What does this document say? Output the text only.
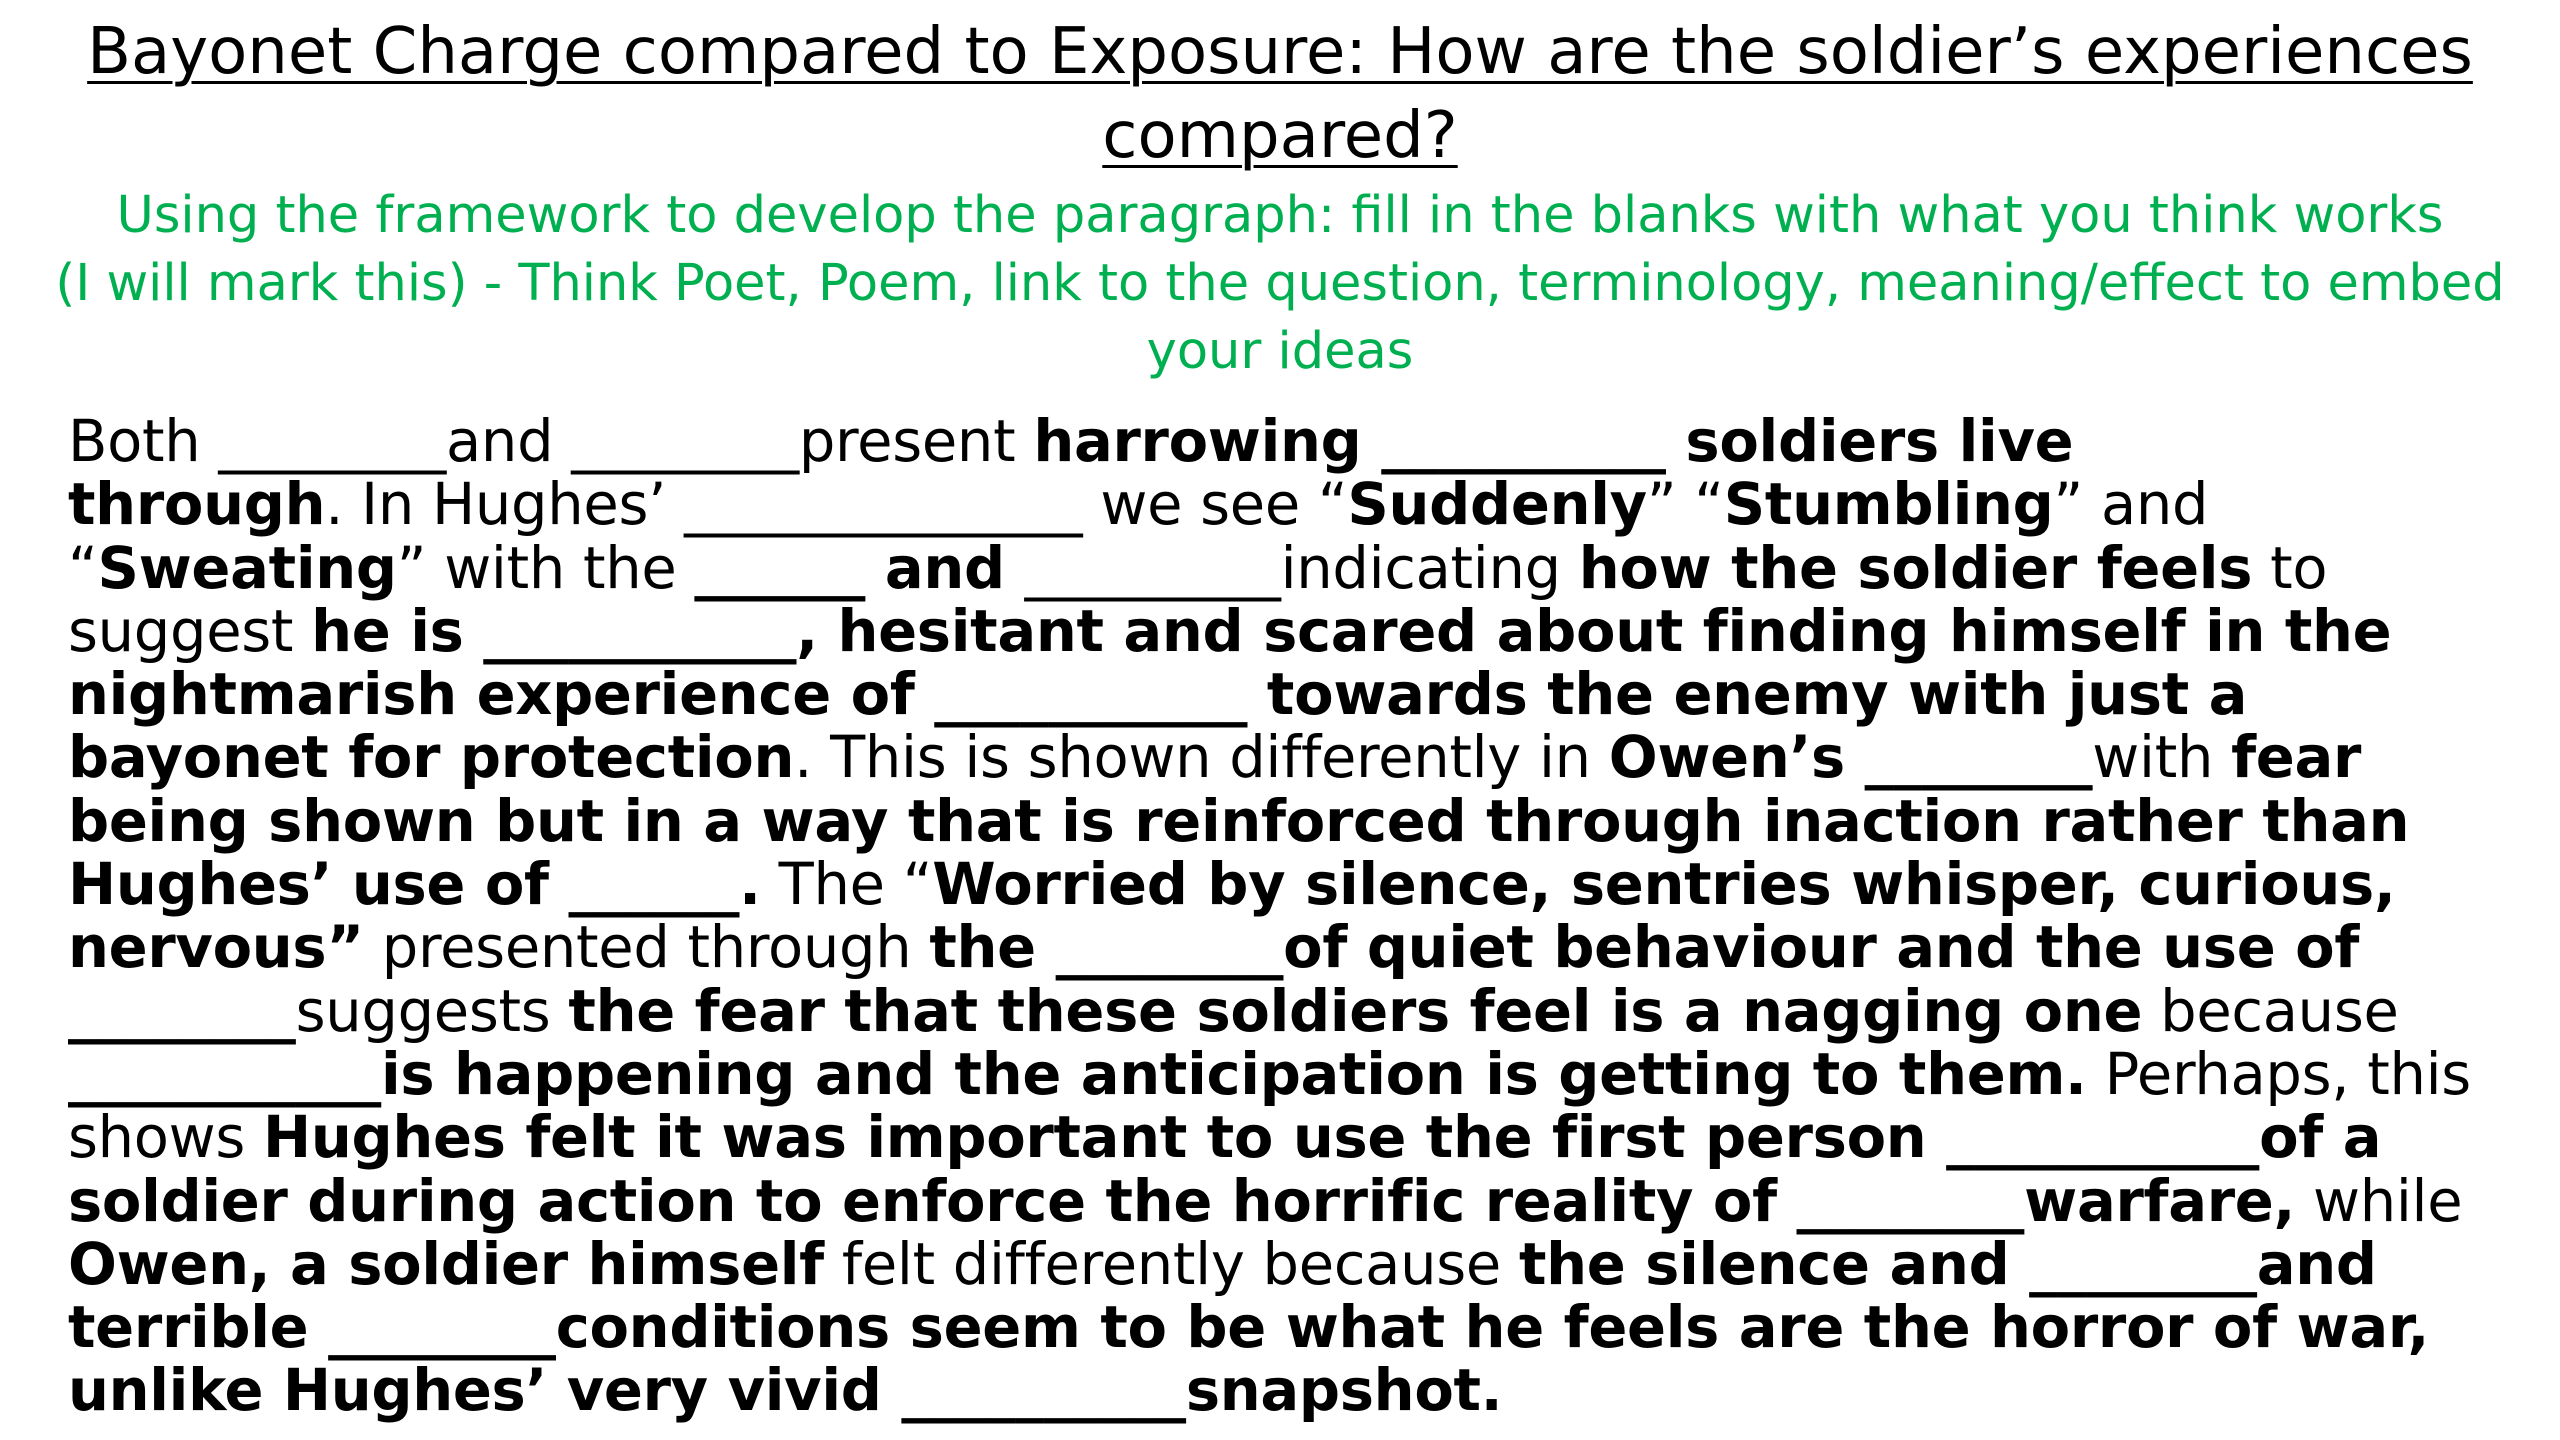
Bayonet Charge compared to Exposure: How are the soldier’s experiences
compared?
Using the framework to develop the paragraph: fill in the blanks with what you think works
(I will mark this) - Think Poet, Poem, link to the question, terminology, meaning/effect to embed
your ideas
Both ________and ________present harrowing __________ soldiers live
through. In Hughes’ ______________ we see “Suddenly” “Stumbling” and
“Sweating” with the ______ and _________indicating how the soldier feels to
suggest he is ___________, hesitant and scared about finding himself in the
nightmarish experience of ___________ towards the enemy with just a
bayonet for protection. This is shown differently in Owen’s ________with fear
being shown but in a way that is reinforced through inaction rather than
Hughes’ use of ______. The “Worried by silence, sentries whisper, curious,
nervous” presented through the ________of quiet behaviour and the use of
________suggests the fear that these soldiers feel is a nagging one because
___________is happening and the anticipation is getting to them. Perhaps, this
shows Hughes felt it was important to use the first person ___________of a
soldier during action to enforce the horrific reality of ________warfare, while
Owen, a soldier himself felt differently because the silence and ________and
terrible ________conditions seem to be what he feels are the horror of war,
unlike Hughes’ very vivid __________snapshot.
